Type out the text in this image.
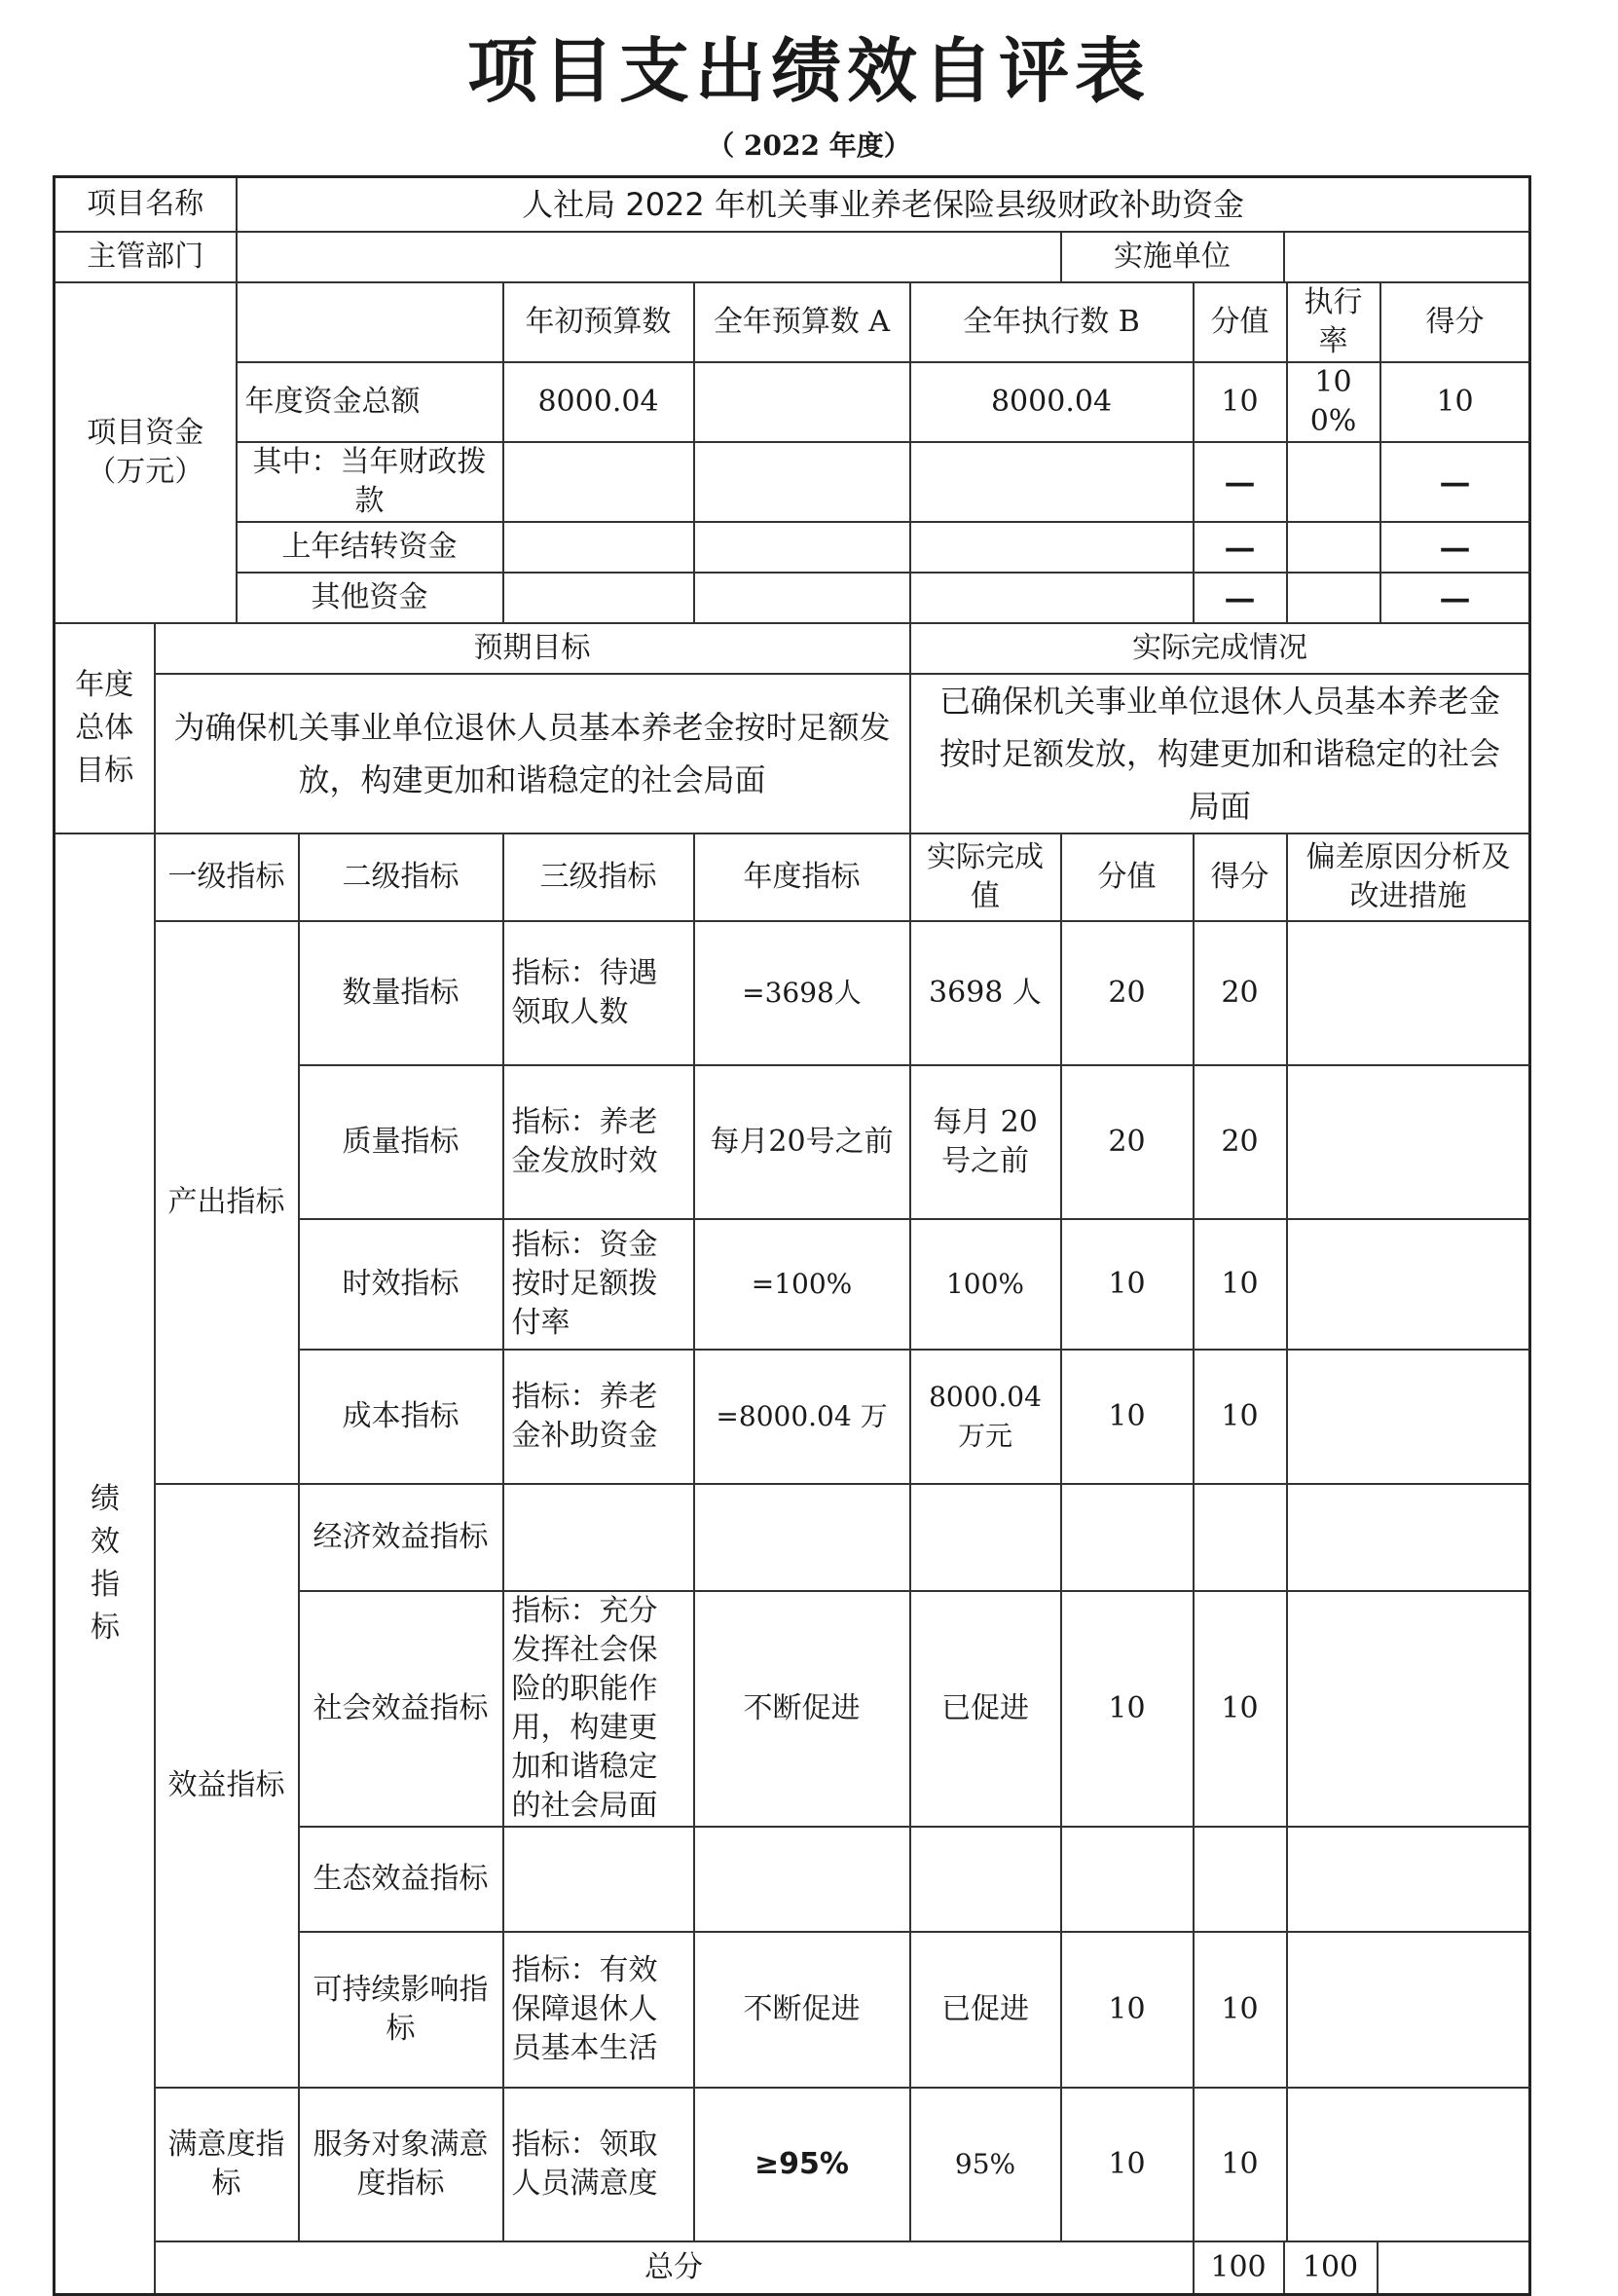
项目支出绩效自评表
（ 2022 年度）
项目名称		人社局 2022 年机关事业养老保险县级财政补助资金										
主管部门							实施单位					
项目资金（万元）				年初预算数	全年预算数 A	全年执行数 B		分值		执行率		得分
		年度资金总额		8000.04		8000.04		10		100%		10
		其中：当年财政拨款						—				—
		上年结转资金						—				—
		其他资金						—				—
年度总体目标	预期目标					实际完成情况						
	为确保机关事业单位退休人员基本养老金按时足额发放，构建更加和谐稳定的社会局面					已确保机关事业单位退休人员基本养老金按时足额发放，构建更加和谐稳定的社会局面						
绩效指标	一级指标		二级指标	三级指标	年度指标	实际完成值	分值	得分		偏差原因分析及改进措施		
	产出指标		数量指标	指标：待遇领取人数	=3698人	3698 人	20	20				
			质量指标	指标：养老金发放时效	每月20号之前	每月 20 号之前	20	20				
			时效指标	指标：资金按时足额拨付率	=100%	100%	10	10				
			成本指标	指标：养老金补助资金	=8000.04 万	8000.04 万元	10	10				
	效益指标		经济效益指标									
			社会效益指标	指标：充分发挥社会保险的职能作用，构建更加和谐稳定的社会局面	不断促进	已促进	10	10				
			生态效益指标									
			可持续影响指标	指标：有效保障退休人员基本生活	不断促进	已促进	10	10				
	满意度指标		服务对象满意度指标	指标：领取人员满意度	≥95%	95%	10	10				
	总分							100	100			
